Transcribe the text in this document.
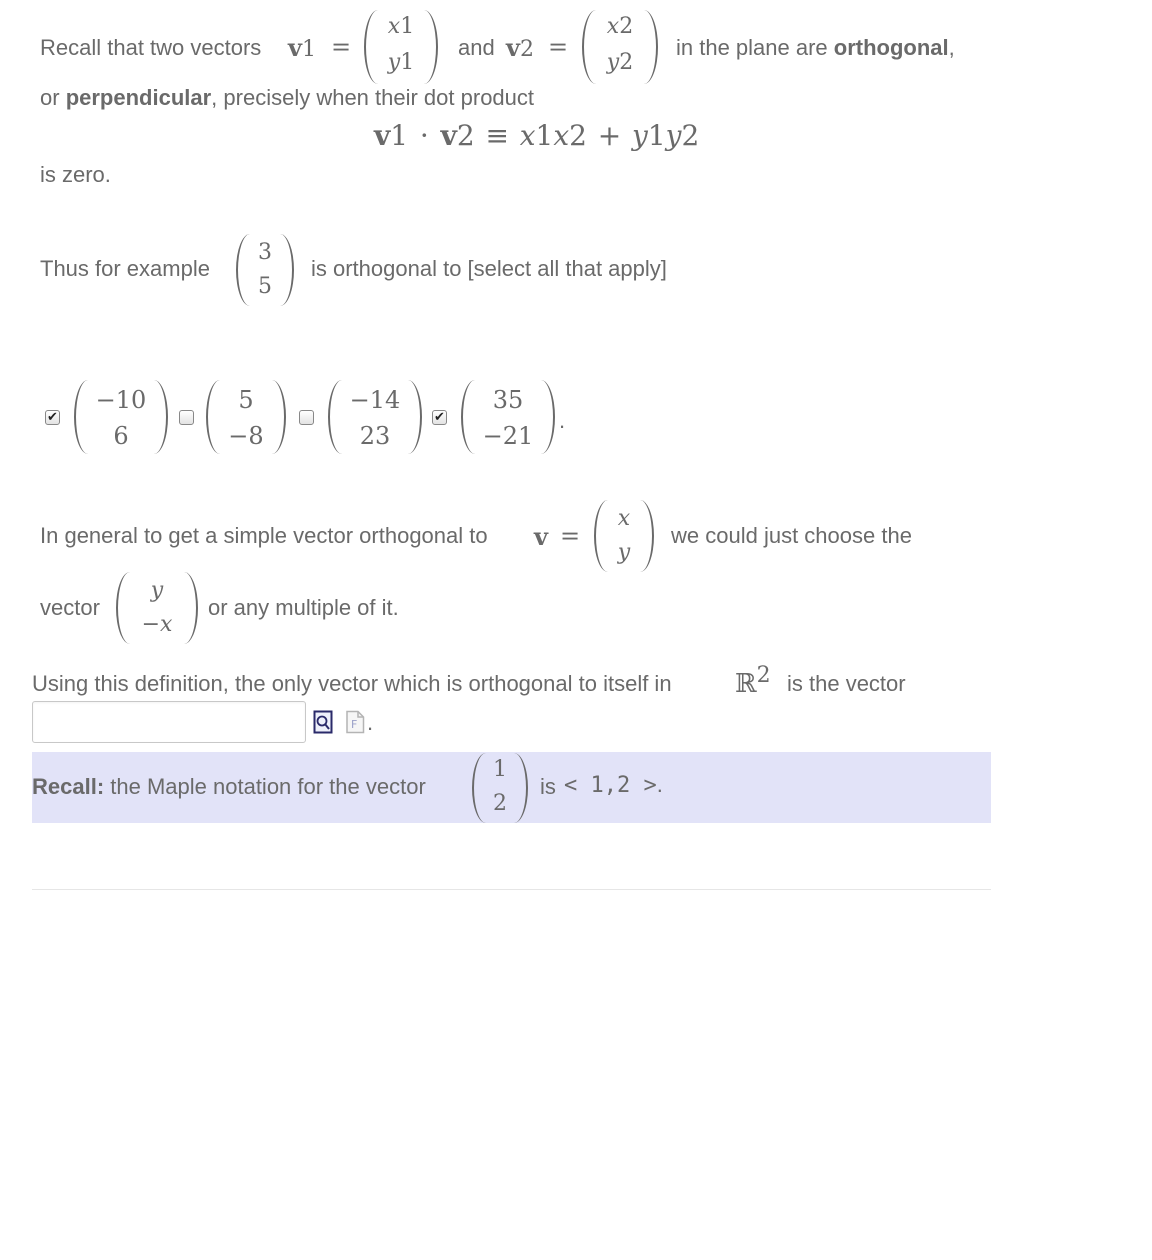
Recall that two vectors v1 =
x1
y1
and v2 =
x2
y2
in the plane are orthogonal,
or perpendicular, precisely when their dot product
v1 · v2 ≡ x1x2 + y1y2
is zero.
Thus for example
3
5
is orthogonal to [select all that apply]
✔
−10
6
5
−8
−14
23
✔
35
−21
.
In general to get a simple vector orthogonal to v =
x
y
we could just choose the
vector
y
−x
or any multiple of it.
Using this definition, the only vector which is orthogonal to itself in ℝ$^2$ is the vector
F .
Recall: the Maple notation for the vector
1
2
is < 1,2 >.
